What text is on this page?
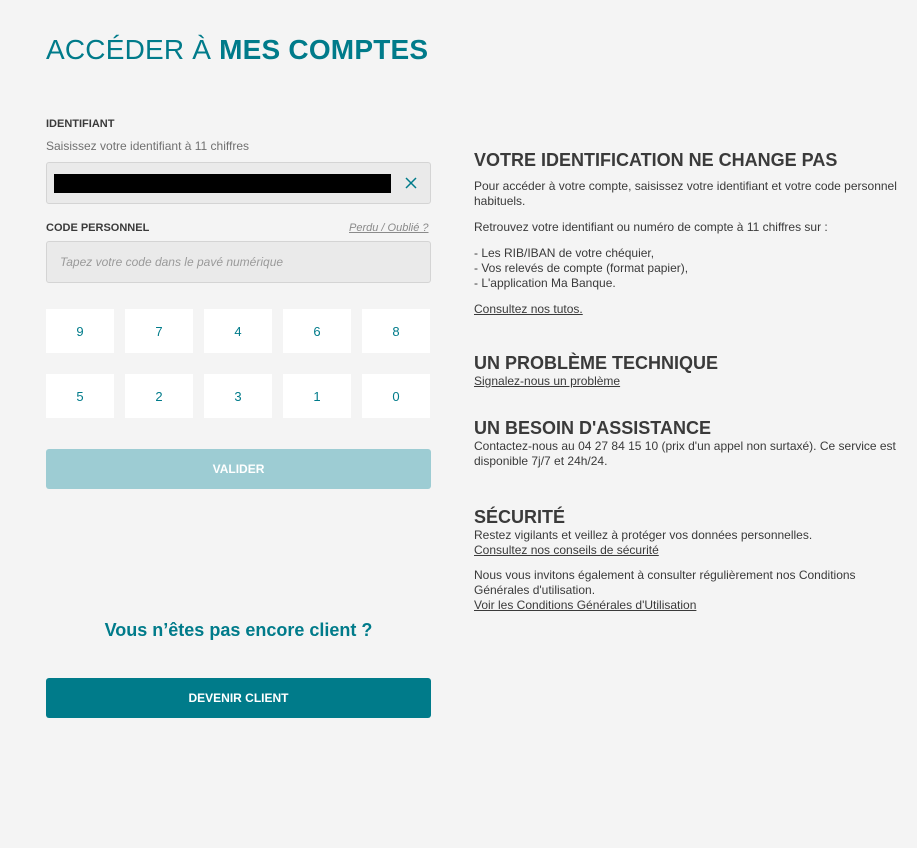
ACCÉDER À MES COMPTES
IDENTIFIANT
Saisissez votre identifiant à 11 chiffres
[masqué]
CODE PERSONNEL	Perdu / Oublié ?
9	7	4	6	8
5	2	3	1	0
VALIDER
Vous n’êtes pas encore client ?
DEVENIR CLIENT
VOTRE IDENTIFICATION NE CHANGE PAS

Pour accéder à votre compte, saisissez votre identifiant et votre code personnel habituels.

Retrouvez votre identifiant ou numéro de compte à 11 chiffres sur :

- Les RIB/IBAN de votre chéquier,

- Vos relevés de compte (format papier),

- L'application Ma Banque.

Consultez nos tutos.

UN PROBLÈME TECHNIQUE

Signalez-nous un problème

UN BESOIN D'ASSISTANCE

Contactez-nous au 04 27 84 15 10 (prix d'un appel non surtaxé). Ce service est disponible 7j/7 et 24h/24.

SÉCURITÉ

Restez vigilants et veillez à protéger vos données personnelles.

Consultez nos conseils de sécurité

Nous vous invitons également à consulter régulièrement nos Conditions Générales d'utilisation.

Voir les Conditions Générales d'Utilisation
